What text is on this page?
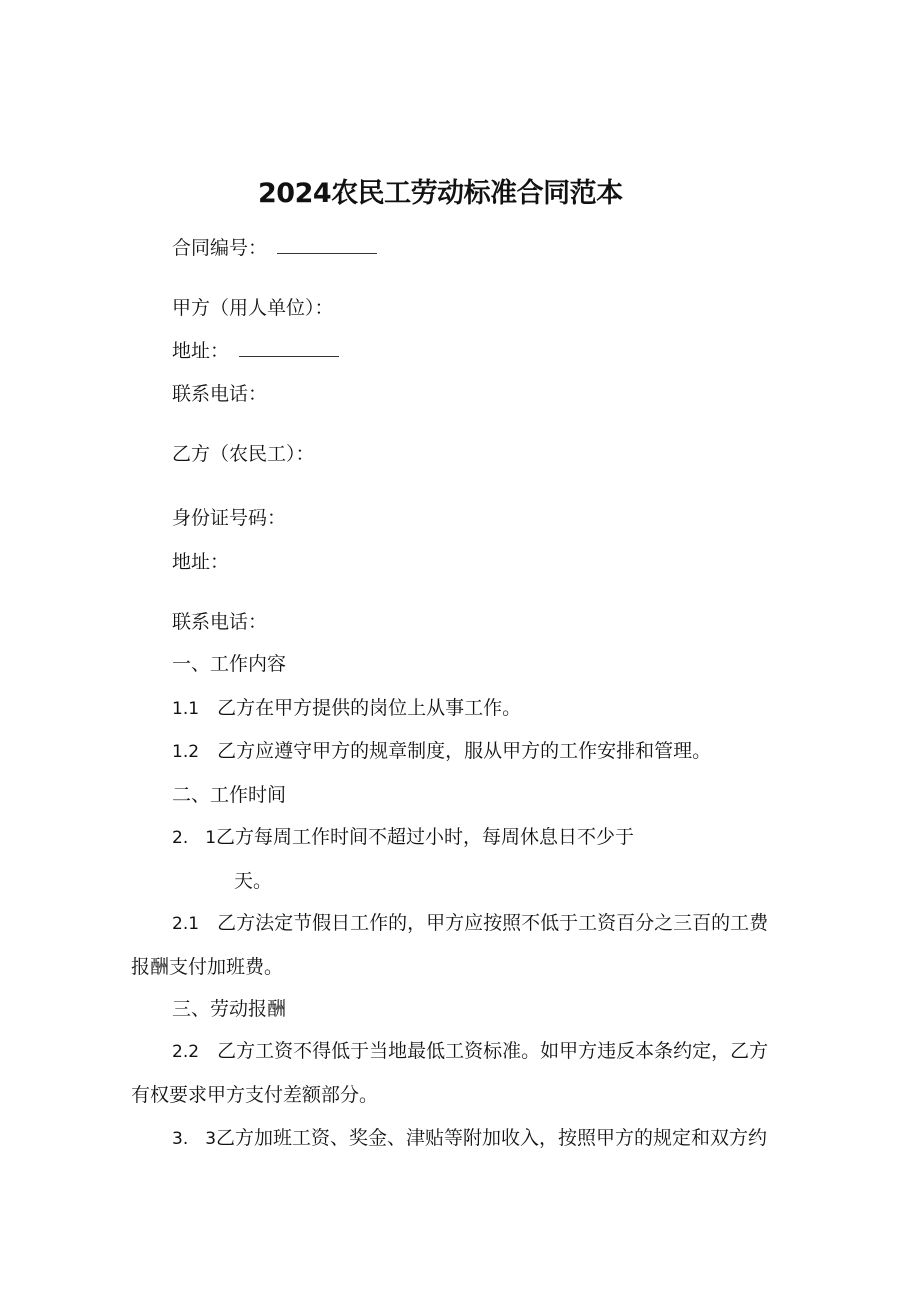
2024农民工劳动标准合同范本
合同编号：
甲方（用人单位）：
地址：
联系电话：
乙方（农民工）：
身份证号码：
地址：
联系电话：
一、工作内容
1.1 乙方在甲方提供的岗位上从事工作。
1.2 乙方应遵守甲方的规章制度，服从甲方的工作安排和管理。
二、工作时间
2.　1乙方每周工作时间不超过小时，每周休息日不少于
天。
2.1 乙方法定节假日工作的，甲方应按照不低于工资百分之三百的工费
报酬支付加班费。
三、劳动报酬
2.2 乙方工资不得低于当地最低工资标准。如甲方违反本条约定，乙方
有权要求甲方支付差额部分。
3.　3乙方加班工资、奖金、津贴等附加收入，按照甲方的规定和双方约
